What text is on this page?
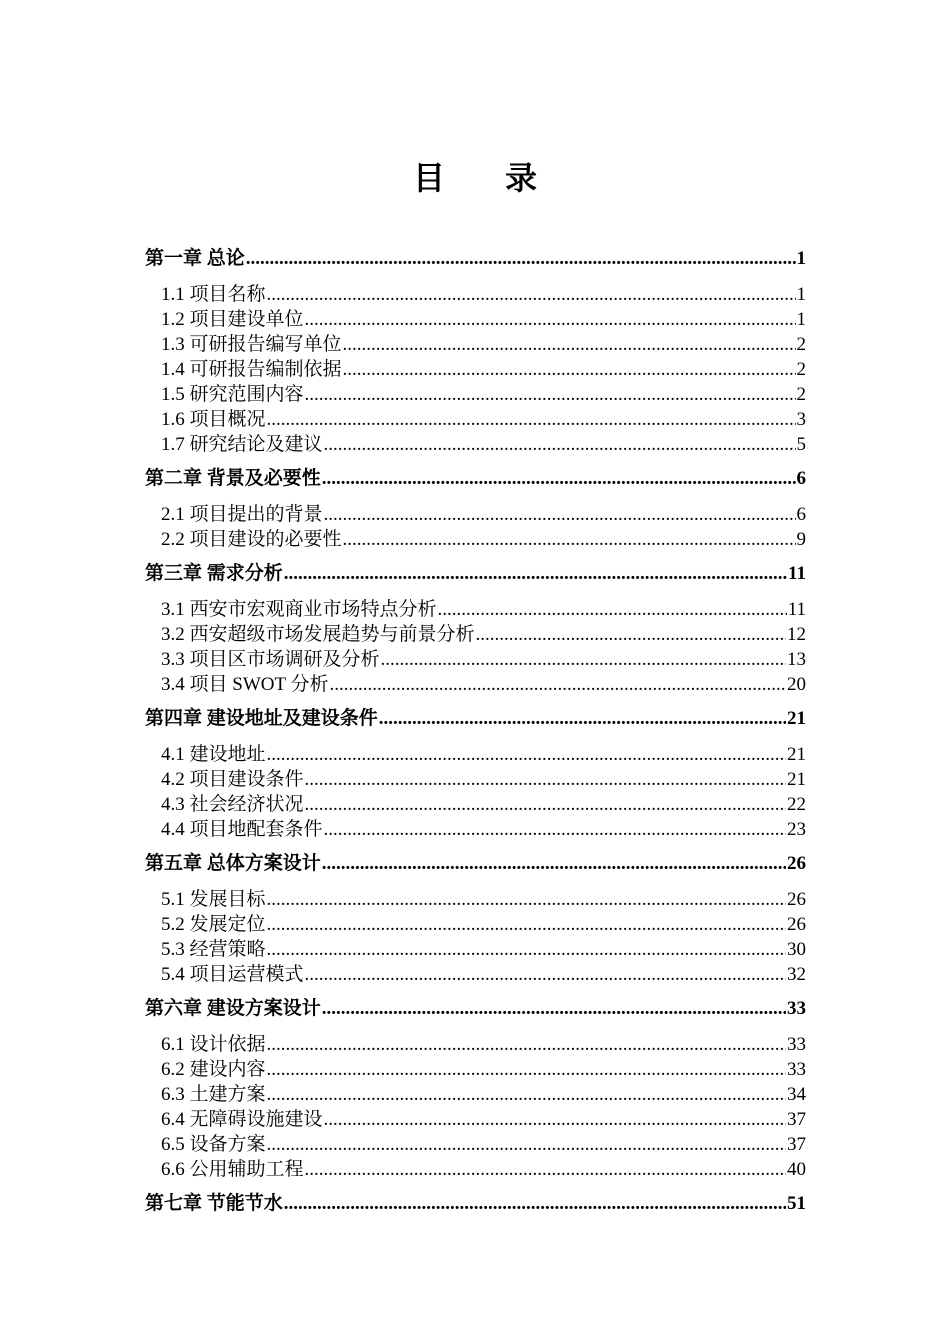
目 录
第一章 总论 .....	1
1.1 项目名称 .....	1
1.2 项目建设单位 .....	1
1.3 可研报告编写单位 .....	2
1.4 可研报告编制依据 .....	2
1.5 研究范围内容 .....	2
1.6 项目概况 .....	3
1.7 研究结论及建议 .....	5
第二章 背景及必要性 .....	6
2.1 项目提出的背景 .....	6
2.2 项目建设的必要性 .....	9
第三章 需求分析 .....	11
3.1 西安市宏观商业市场特点分析 .....	11
3.2 西安超级市场发展趋势与前景分析 .....	12
3.3 项目区市场调研及分析 .....	13
3.4 项目 SWOT 分析 .....	20
第四章 建设地址及建设条件 .....	21
4.1 建设地址 .....	21
4.2 项目建设条件 .....	21
4.3 社会经济状况 .....	22
4.4 项目地配套条件 .....	23
第五章 总体方案设计 .....	26
5.1 发展目标 .....	26
5.2 发展定位 .....	26
5.3 经营策略 .....	30
5.4 项目运营模式 .....	32
第六章 建设方案设计 .....	33
6.1 设计依据 .....	33
6.2 建设内容 .....	33
6.3 土建方案 .....	34
6.4 无障碍设施建设 .....	37
6.5 设备方案 .....	37
6.6 公用辅助工程 .....	40
第七章 节能节水 .....	51
